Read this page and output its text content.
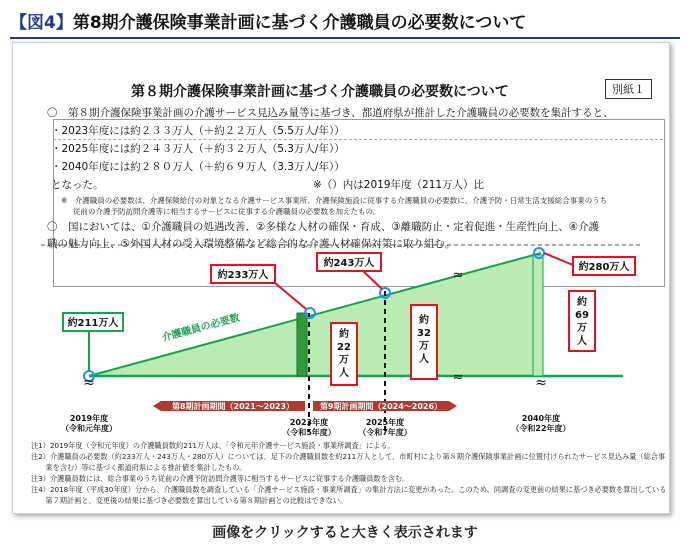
【図4】第8期介護保険事業計画に基づく介護職員の必要数について
第８期介護保険事業計画に基づく介護職員の必要数について	別紙１
〇　第８期介護保険事業計画の介護サービス見込み量等に基づき、都道府県が推計した介護職員の必要数を集計すると、
・2023年度には約２３３万人（＋約２２万人（5.5万人/年））
・2025年度には約２４３万人（＋約３２万人（5.3万人/年））
・2040年度には約２８０万人（＋約６９万人（3.3万人/年））
となった。	※（）内は2019年度（211万人）比
※　介護職員の必要数は、介護保険給付の対象となる介護サービス事業所、介護保険施設に従事する介護職員の必要数に、介護予防・日常生活支援総合事業のうち
従前の介護予防訪問介護等に相当するサービスに従事する介護職員の必要数を加えたもの。
〇　国においては、①介護職員の処遇改善、②多様な人材の確保・育成、③離職防止・定着促進・生産性向上、④介護
職の魅力向上、⑤外国人材の受入環境整備など総合的な介護人材確保対策に取り組む。
約211万人	介護職員の必要数
約233万人
約243万人	約280万人
約 22 万人
約 32 万人
約 69 万人
≈	≈
≈
≈
第8期計画期間（2021～2023）	第9期計画期間（2024～2026）
2019年度
（令和元年度）
2023年度
（令和5年度）
2025年度
（令和7年度）
2040年度
（令和22年度）
注1）2019年度（令和元年度）の介護職員数約211万人は、「令和元年介護サービス施設・事業所調査」による。
注2）介護職員の必要数（約233万人・243万人・280万人）については、足下の介護職員数を約211万人として、市町村により第８期介護保険事業計画に位置付けられたサービス見込み量（総合事
　　業を含む）等に基づく都道府県による推計値を集計したもの。
注3）介護職員数には、総合事業のうち従前の介護予防訪問介護等に相当するサービスに従事する介護職員数を含む。
注4）2018年度（平成30年度）分から、介護職員数を調査している「介護サービス施設・事業所調査」の集計方法に変更があった。このため、同調査の変更前の結果に基づき必要数を算出している
　　第７期計画と、変更後の結果に基づき必要数を算出している第８期計画との比較はできない。
画像をクリックすると大きく表示されます
